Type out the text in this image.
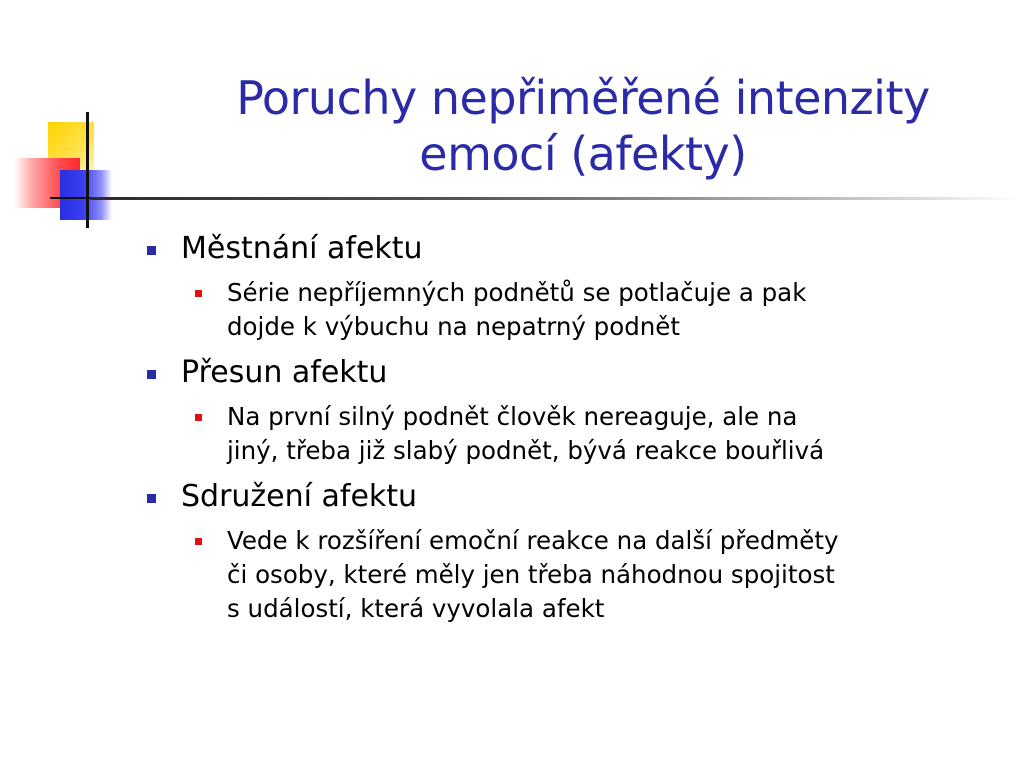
Poruchy nepřiměřené intenzity
emocí (afekty)
Městnání afektu
Série nepříjemných podnětů se potlačuje a pak
dojde k výbuchu na nepatrný podnět
Přesun afektu
Na první silný podnět člověk nereaguje, ale na
jiný, třeba již slabý podnět, bývá reakce bouřlivá
Sdružení afektu
Vede k rozšíření emoční reakce na další předměty
či osoby, které měly jen třeba náhodnou spojitost
s událostí, která vyvolala afekt
